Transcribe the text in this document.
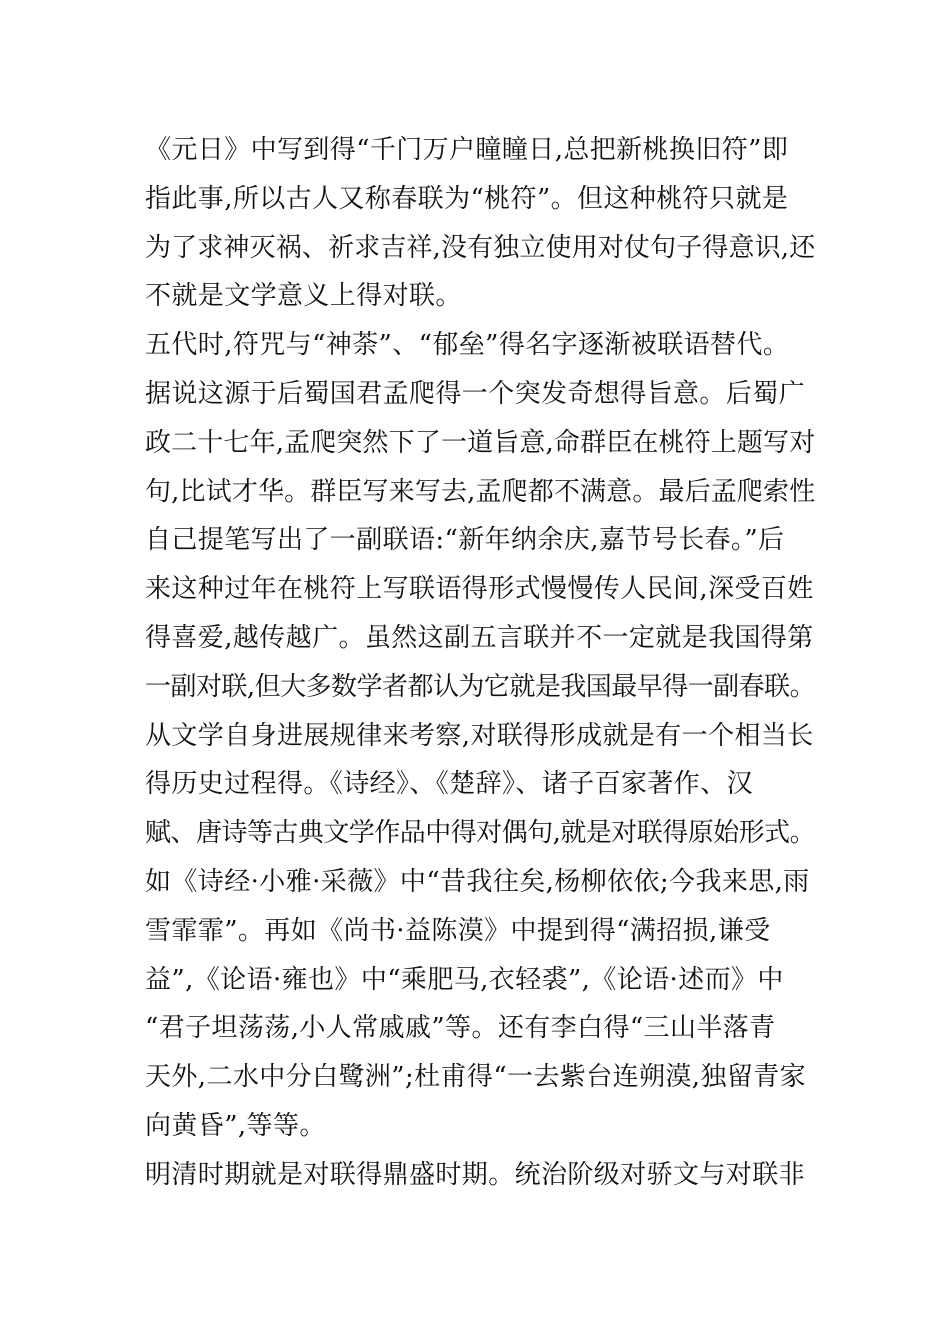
《元日》中写到得“千门万户瞳瞳日,总把新桃换旧符”即
指此事,所以古人又称春联为“桃符”。但这种桃符只就是
为了求神灭祸、祈求吉祥,没有独立使用对仗句子得意识,还
不就是文学意义上得对联。
五代时,符咒与“神荼”、“郁垒”得名字逐渐被联语替代。
据说这源于后蜀国君孟爬得一个突发奇想得旨意。后蜀广
政二十七年,孟爬突然下了一道旨意,命群臣在桃符上题写对
句,比试才华。群臣写来写去,孟爬都不满意。最后孟爬索性
自己提笔写出了一副联语:“新年纳余庆,嘉节号长春。”后
来这种过年在桃符上写联语得形式慢慢传人民间,深受百姓
得喜爱,越传越广。虽然这副五言联并不一定就是我国得第
一副对联,但大多数学者都认为它就是我国最早得一副春联。
从文学自身进展规律来考察,对联得形成就是有一个相当长
得历史过程得。《诗经》、《楚辞》、诸子百家著作、汉
赋、唐诗等古典文学作品中得对偶句,就是对联得原始形式。
如《诗经·小雅·采薇》中“昔我往矣,杨柳依依;今我来思,雨
雪霏霏”。再如《尚书·益陈漠》中提到得“满招损,谦受
益”,《论语·雍也》中“乘肥马,衣轻裘”,《论语·述而》中
“君子坦荡荡,小人常戚戚”等。还有李白得“三山半落青
天外,二水中分白鹭洲”;杜甫得“一去紫台连朔漠,独留青家
向黄昏”,等等。
明清时期就是对联得鼎盛时期。统治阶级对骄文与对联非
